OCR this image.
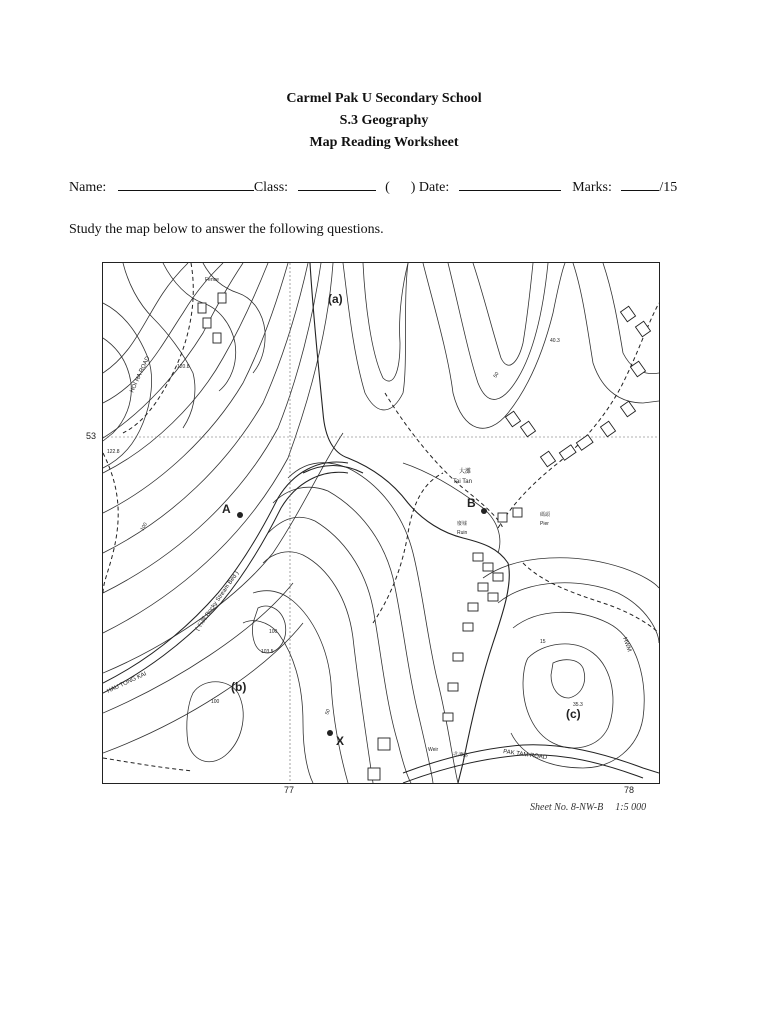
Carmel Pak U Secondary School
S.3 Geography
Map Reading Worksheet
Name:	Class:	( ) Date:	Marks:	/15
Study the map below to answer the following questions.
53
77	78
(a)
(b)
(c)
A	B
X
大灘
Tai Tan
廢墟
Ruin
碼頭
Pier
Fence
HOI HA ROAD
HAU TONG KAI
( 石澗 Rocky Stream Bed )
PAK TAM ROAD
北潭路
Weir
HWM
120.8
122.8
40.3
103.5
35.3
100
100
100
50
50
15
Sheet No. 8-NW-B 1:5 000
